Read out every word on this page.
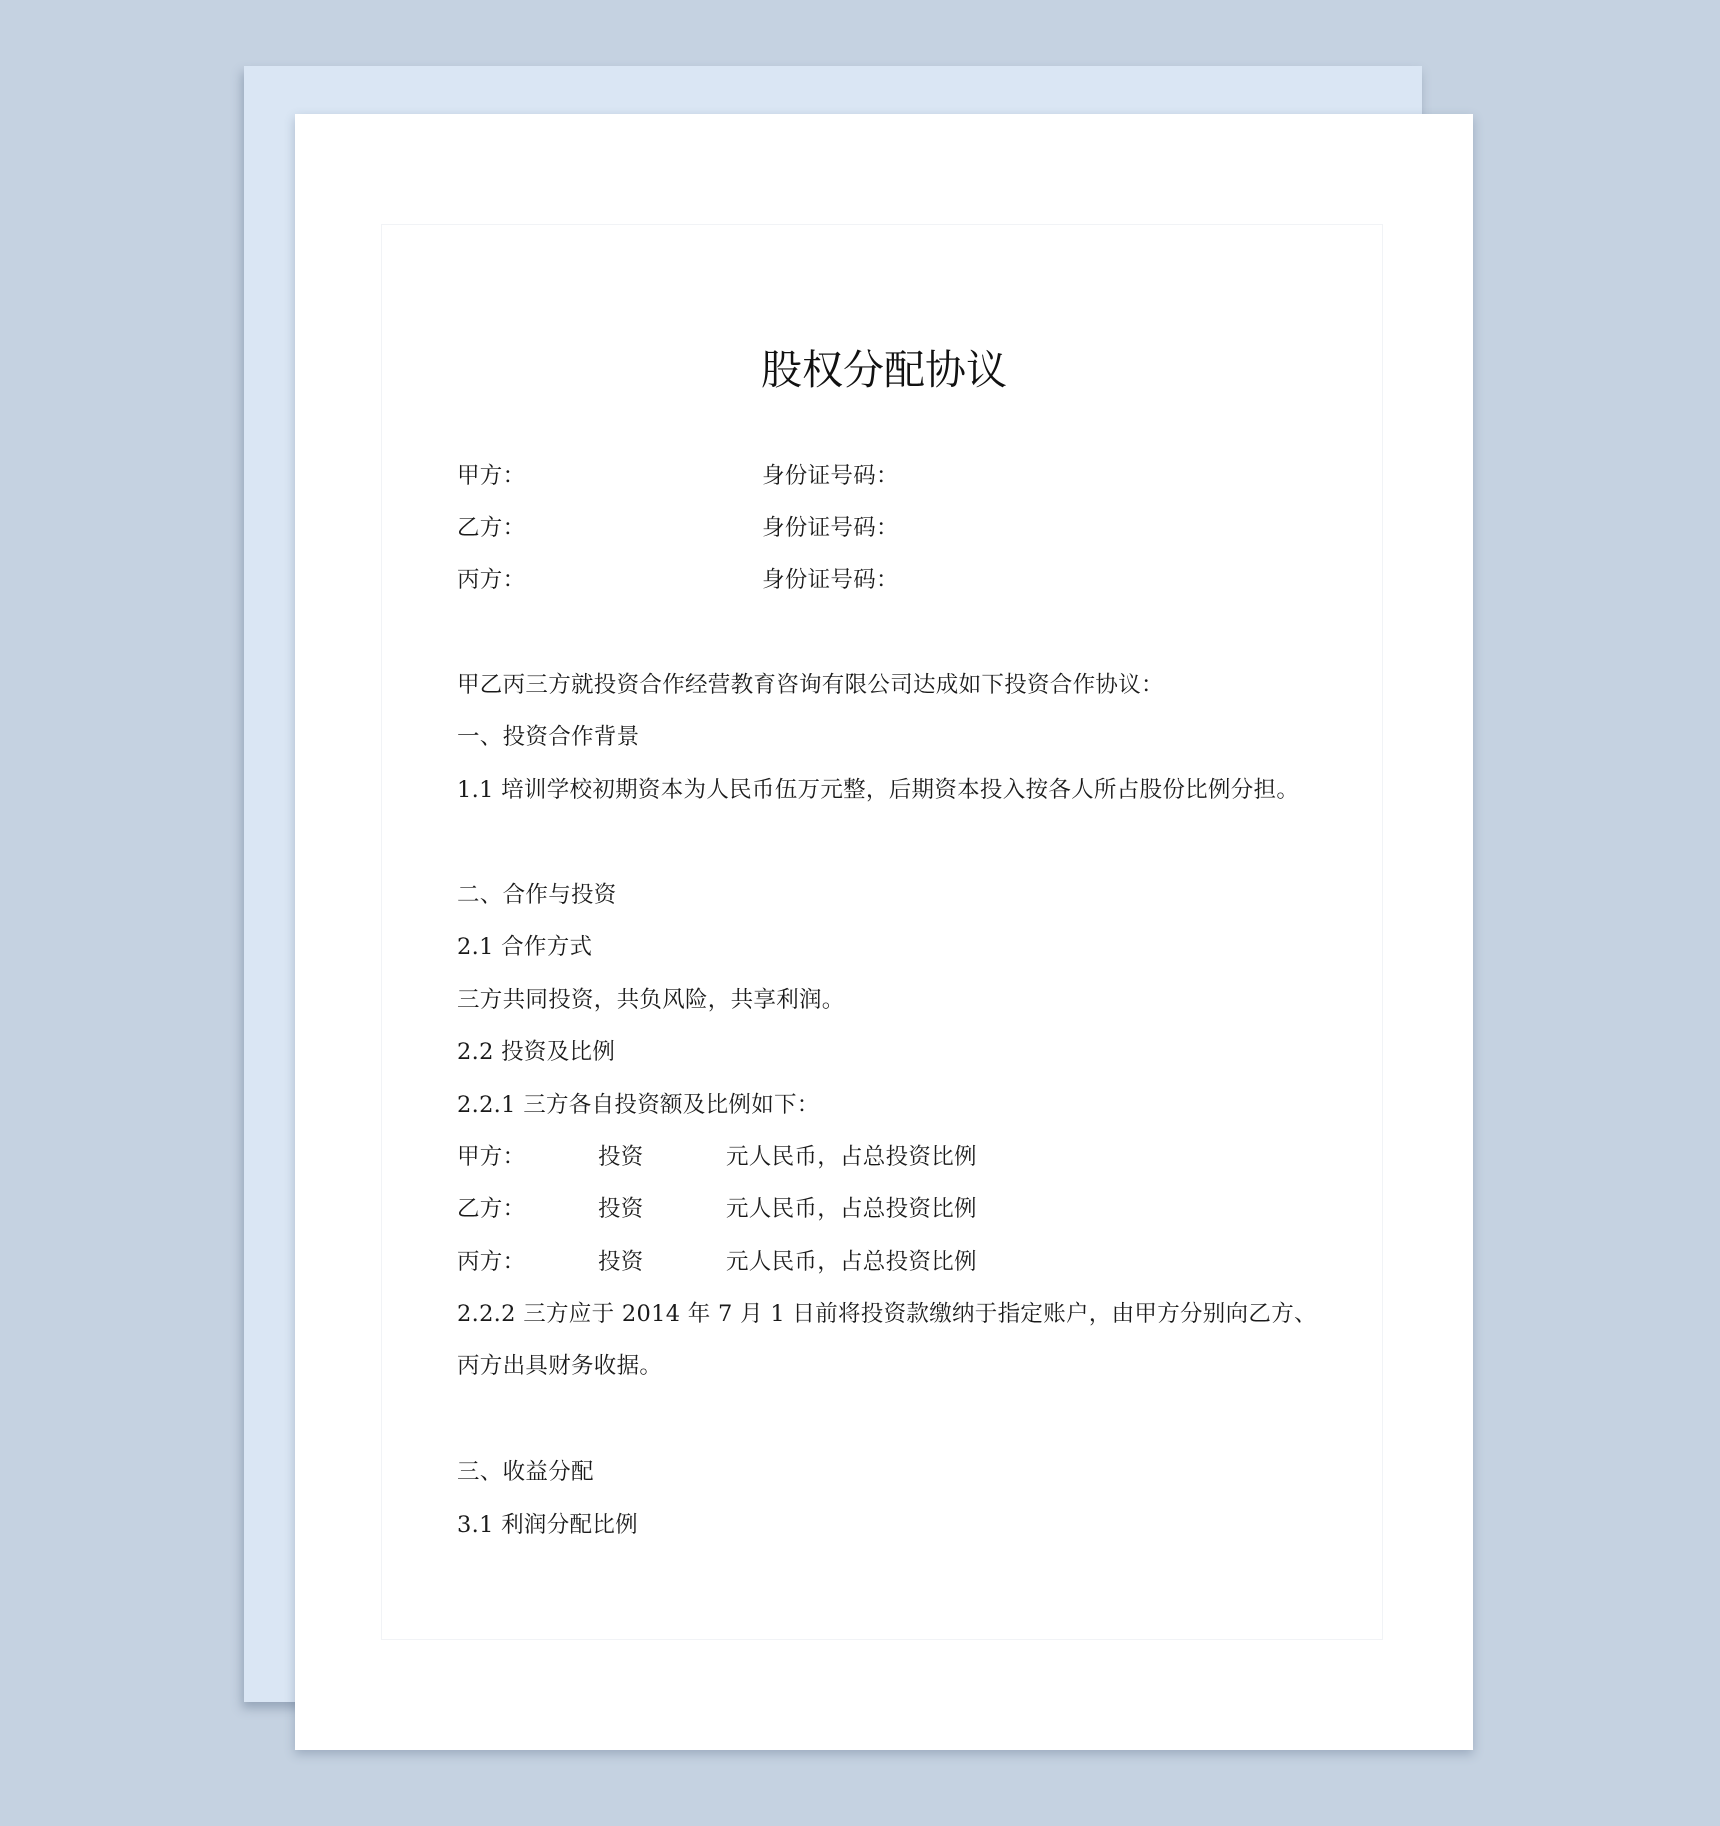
股权分配协议
甲方：	身份证号码：
乙方：	身份证号码：
丙方：	身份证号码：
甲乙丙三方就投资合作经营教育咨询有限公司达成如下投资合作协议：
一、投资合作背景
1.1 培训学校初期资本为人民币伍万元整，后期资本投入按各人所占股份比例分担。
二、合作与投资
2.1 合作方式
三方共同投资，共负风险，共享利润。
2.2 投资及比例
2.2.1 三方各自投资额及比例如下：
甲方：	投资	元人民币，占总投资比例
乙方：	投资	元人民币，占总投资比例
丙方：	投资	元人民币，占总投资比例
2.2.2 三方应于 2014 年 7 月 1 日前将投资款缴纳于指定账户，由甲方分别向乙方、
丙方出具财务收据。
三、收益分配
3.1 利润分配比例
